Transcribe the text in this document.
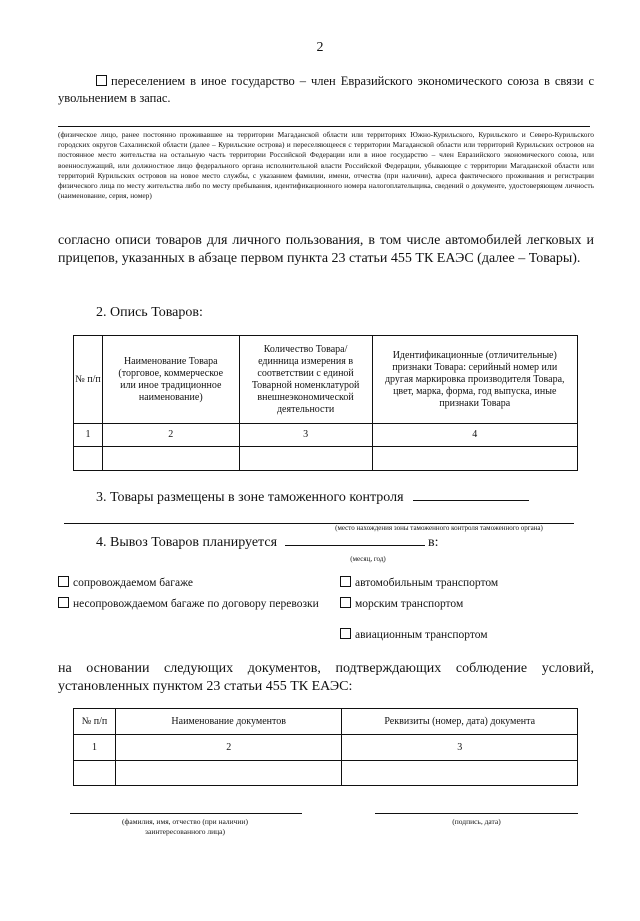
2
переселением в иное государство – член Евразийского экономического союза в связи с увольнением в запас.
(физическое лицо, ранее постоянно проживавшее на территории Магаданской области или территориях Южно-Курильского, Курильского и Северо-Курильского городских округов Сахалинской области (далее – Курильские острова) и переселяющееся с территории Магаданской области или территорий Курильских островов на постоянное место жительства на остальную часть территории Российской Федерации или в иное государство – член Евразийского экономического союза, или военнослужащий, или должностное лицо федерального органа исполнительной власти Российской Федерации, убывающее с территории Магаданской области или территорий Курильских островов на новое место службы, с указанием фамилии, имени, отчества (при наличии), адреса фактического проживания и регистрации физического лица по месту жительства либо по месту пребывания, идентификационного номера налогоплательщика, сведений о документе, удостоверяющем личность (наименование, серия, номер)
согласно описи товаров для личного пользования, в том числе автомобилей легковых и прицепов, указанных в абзаце первом пункта 23 статьи 455 ТК ЕАЭС (далее – Товары).
2. Опись Товаров:
№ п/п	Наименование Товара (торговое, коммерческое или иное традиционное наименование)	Количество Товара/единница измерения в соответствии с единой Товарной номенклатурой внешнеэкономической деятельности	Идентификационные (отличительные) признаки Товара: серийный номер или другая маркировка производителя Товара, цвет, марка, форма, год выпуска, иные признаки Товара
1	2	3	4

3. Товары размещены в зоне таможенного контроля
(место нахождения зоны таможенного контроля таможенного органа)
4. Вывоз Товаров планируется	в:
(месяц, год)
сопровождаемом багаже
несопровождаемом багаже по договору перевозки
автомобильным транспортом
морским транспортом
авиационным транспортом
на основании следующих документов, подтверждающих соблюдение условий, установленных пунктом 23 статьи 455 ТК ЕАЭС:
№ п/п	Наименование документов	Реквизиты (номер, дата) документа
1	2	3

(фамилия, имя, отчество (при наличии) заинтересованного лица)
(подпись, дата)
